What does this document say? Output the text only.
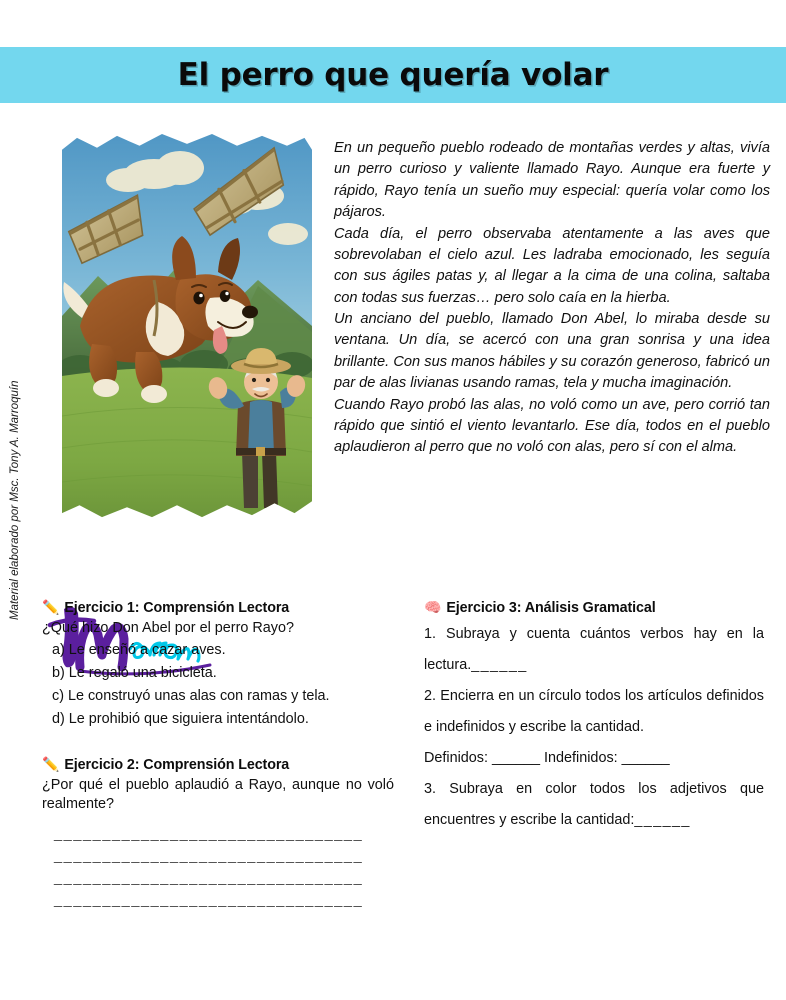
El perro que quería volar
Material elaborado por Msc. Tony A. Marroquín

En un pequeño pueblo rodeado de montañas verdes y altas, vivía un perro curioso y valiente llamado Rayo. Aunque era fuerte y rápido, Rayo tenía un sueño muy especial: quería volar como los pájaros.

Cada día, el perro observaba atentamente a las aves que sobrevolaban el cielo azul. Les ladraba emocionado, les seguía con sus ágiles patas y, al llegar a la cima de una colina, saltaba con todas sus fuerzas… pero solo caía en la hierba.

Un anciano del pueblo, llamado Don Abel, lo miraba desde su ventana. Un día, se acercó con una gran sonrisa y una idea brillante. Con sus manos hábiles y su corazón generoso, fabricó un par de alas livianas usando ramas, tela y mucha imaginación.

Cuando Rayo probó las alas, no voló como un ave, pero corrió tan rápido que sintió el viento levantarlo. Ese día, todos en el pueblo aplaudieron al perro que no voló con alas, pero sí con el alma.

✏️ Ejercicio 1: Comprensión Lectora

¿Qué hizo Don Abel por el perro Rayo?

a) Le enseñó a cazar aves.
b) Le regaló una bicicleta.
c) Le construyó unas alas con ramas y tela.
d) Le prohibió que siguiera intentándolo.
✏️ Ejercicio 2: Comprensión Lectora

¿Por qué el pueblo aplaudió a Rayo, aunque no voló realmente?

________________________________
________________________________
________________________________
________________________________
🧠 Ejercicio 3: Análisis Gramatical

1. Subraya y cuenta cuántos verbos hay en la lectura.______

2. Encierra en un círculo todos los artículos definidos e indefinidos y escribe la cantidad.

Definidos: ______ Indefinidos: ______

3. Subraya en color todos los adjetivos que encuentres y escribe la cantidad:______
